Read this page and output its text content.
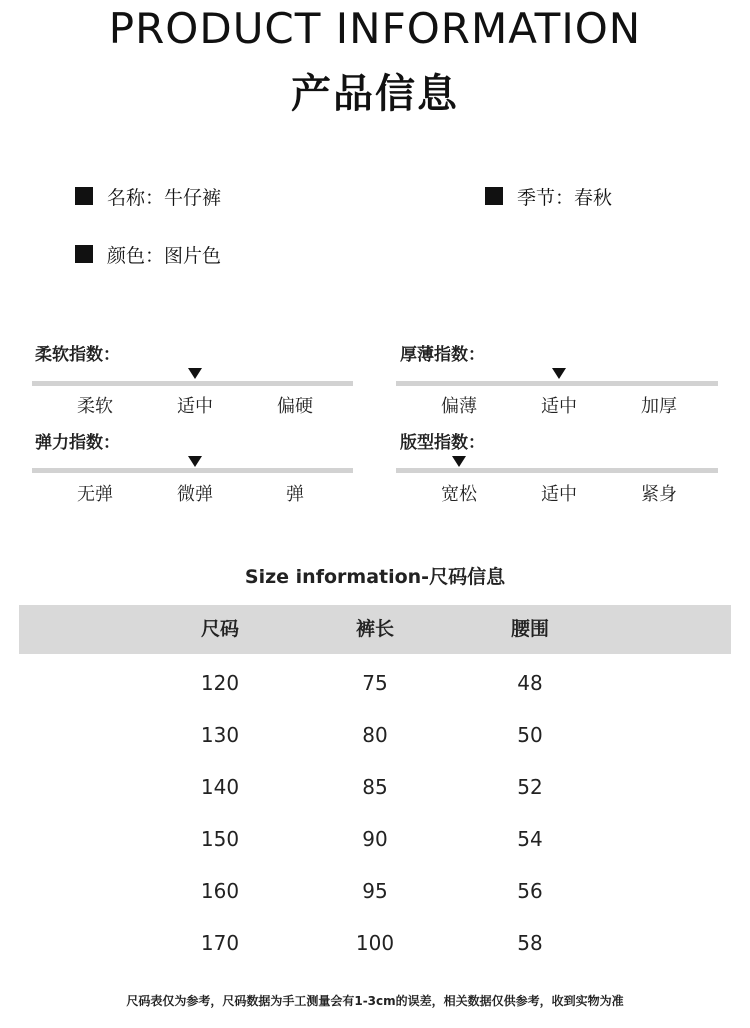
PRODUCT INFORMATION
产品信息
名称：牛仔裤	季节：春秋
颜色：图片色
柔软指数：
柔软	适中	偏硬
厚薄指数：
偏薄	适中	加厚
弹力指数：
无弹	微弹	弹
版型指数：
宽松	适中	紧身
Size information-尺码信息
尺码	裤长	腰围
120	75	48
130	80	50
140	85	52
150	90	54
160	95	56
170	100	58
尺码表仅为参考，尺码数据为手工测量会有1-3cm的误差，相关数据仅供参考，收到实物为准
